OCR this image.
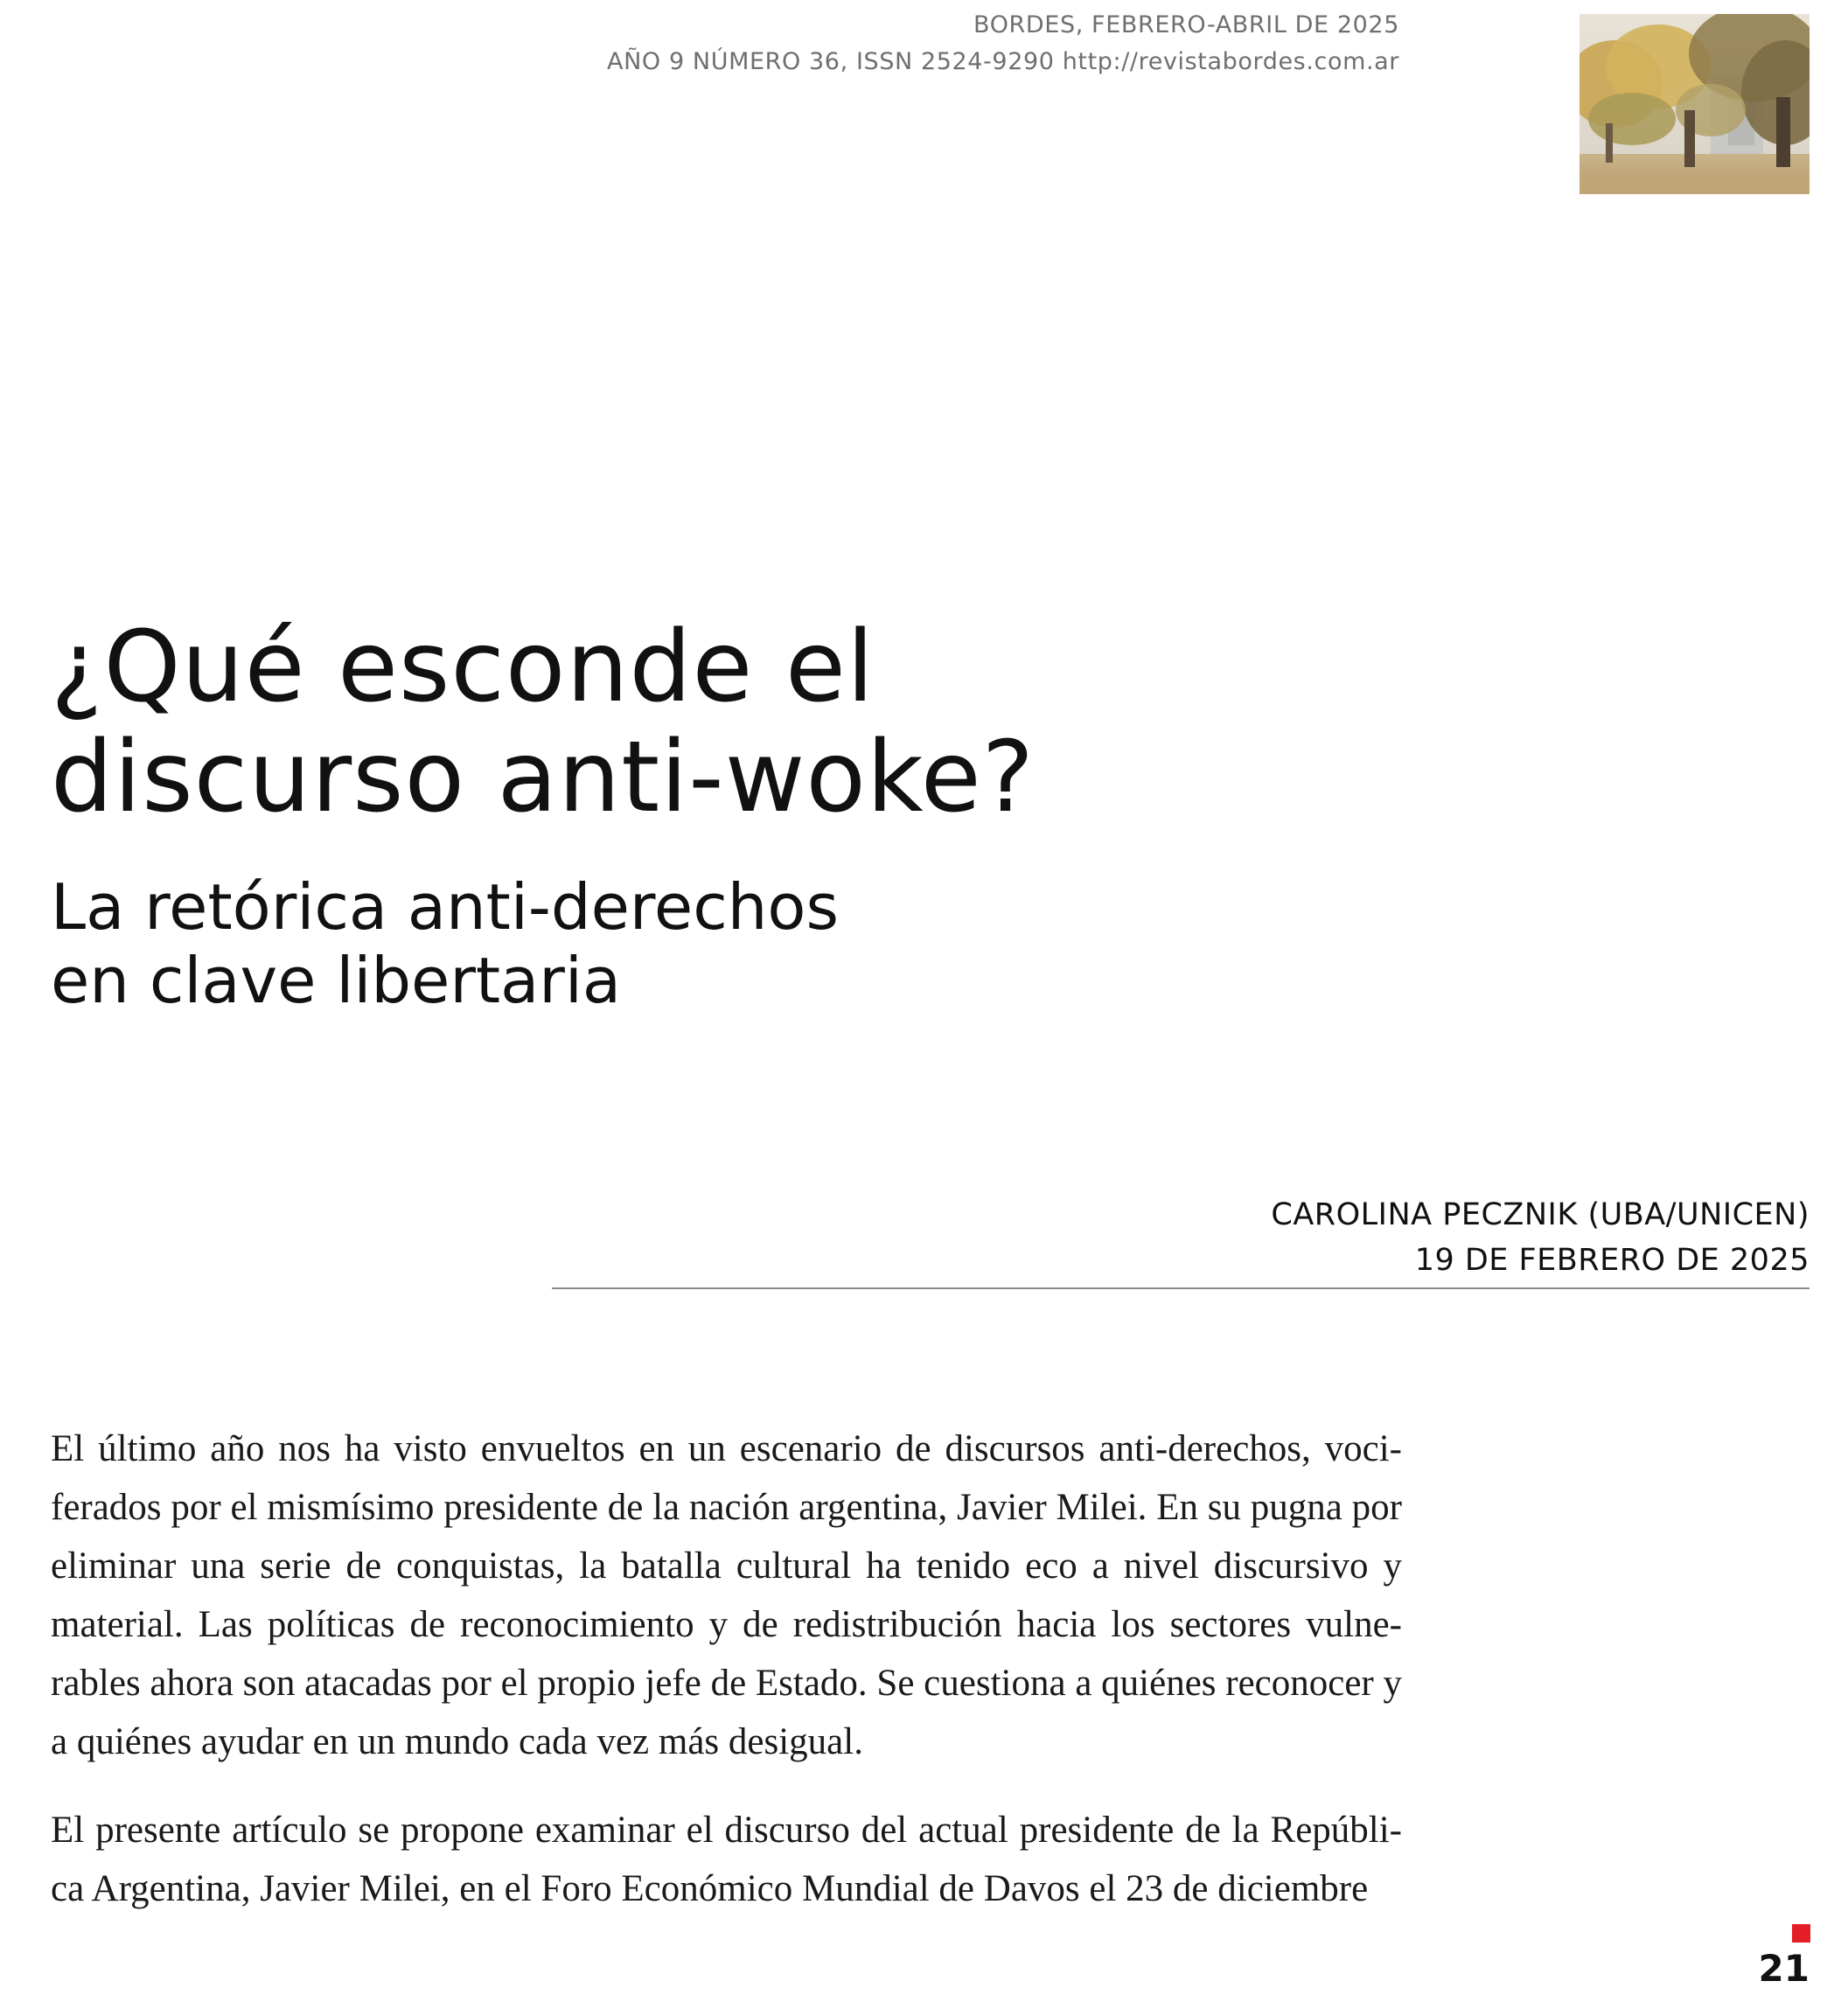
BORDES, FEBRERO-ABRIL DE 2025
AÑO 9 NÚMERO 36, ISSN 2524-9290 http://revistabordes.com.ar
¿Qué esconde el
discurso anti-woke?
La retórica anti-derechos
en clave libertaria
CAROLINA PECZNIK (UBA/UNICEN)
19 DE FEBRERO DE 2025

El último año nos ha visto envueltos en un escenario de discursos anti-derechos, voci-ferados por el mismísimo presidente de la nación argentina, Javier Milei. En su pugna por eliminar una serie de conquistas, la batalla cultural ha tenido eco a nivel discursivo y material. Las políticas de reconocimiento y de redistribución hacia los sectores vulne-rables ahora son atacadas por el propio jefe de Estado. Se cuestiona a quiénes reconocer y a quiénes ayudar en un mundo cada vez más desigual.

El presente artículo se propone examinar el discurso del actual presidente de la Repúbli-ca Argentina, Javier Milei, en el Foro Económico Mundial de Davos el 23 de diciembre

21
